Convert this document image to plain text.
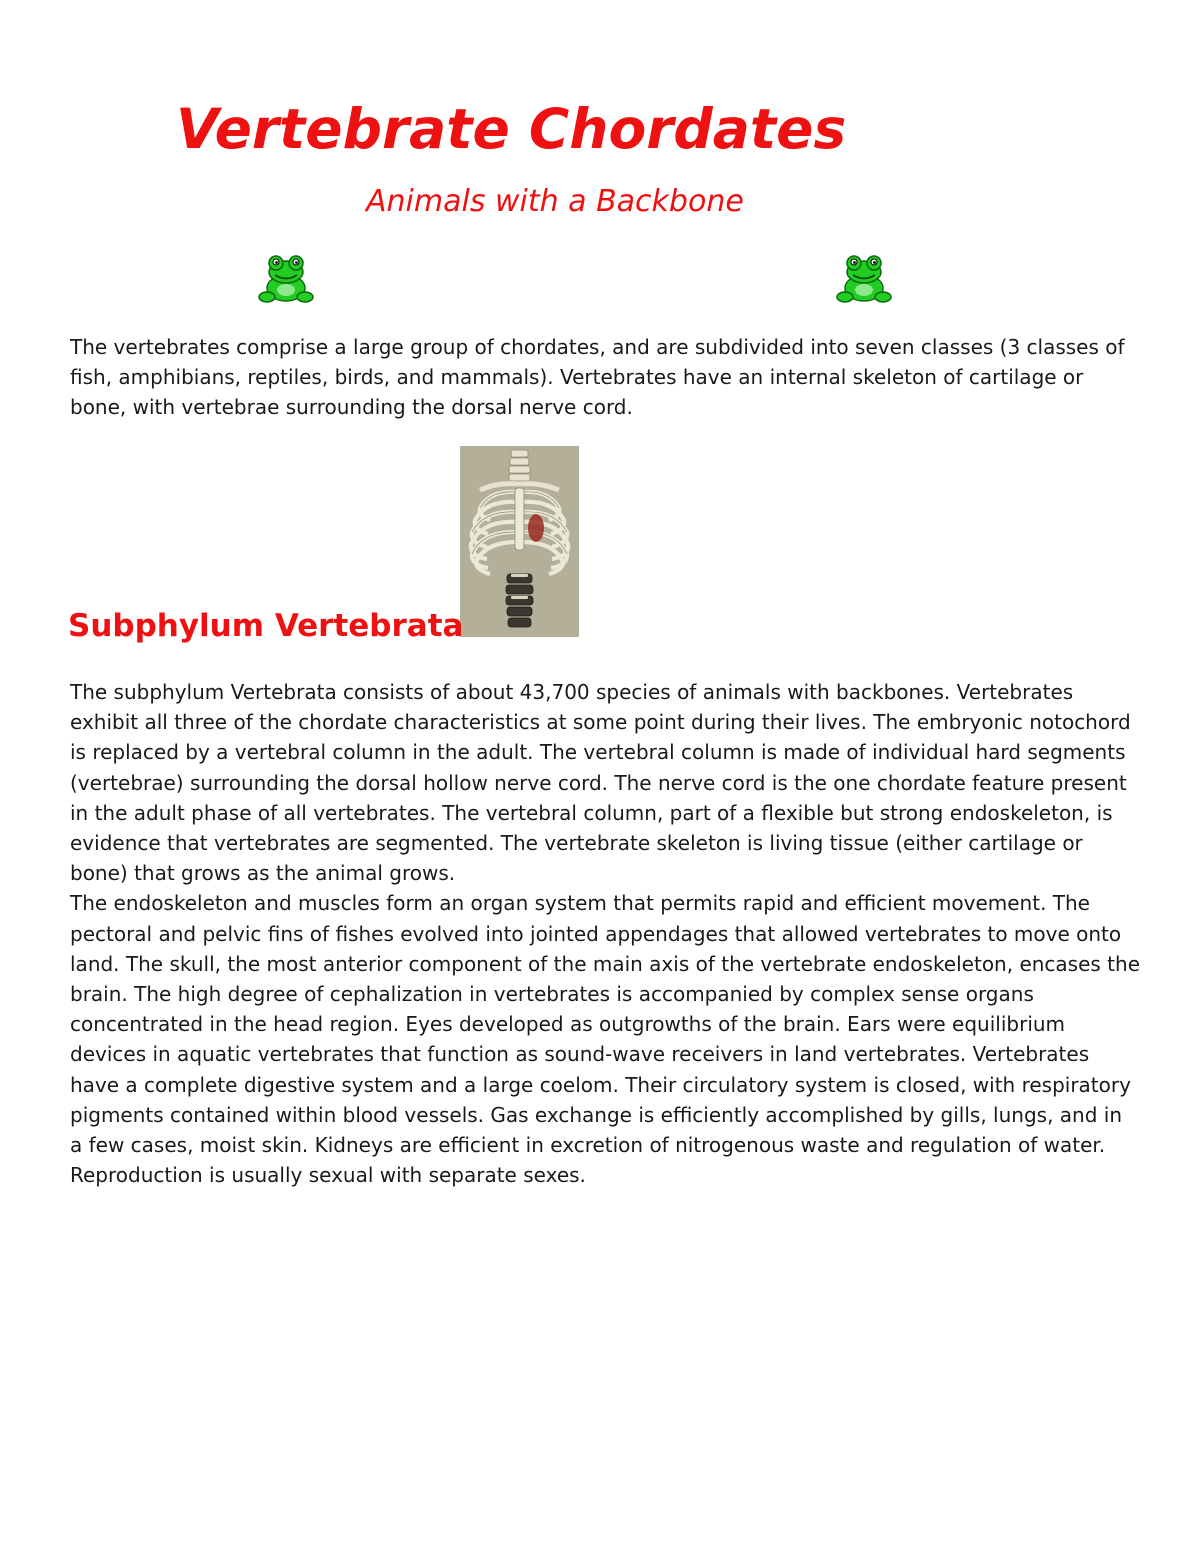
Vertebrate Chordates
Animals with a Backbone

The vertebrates comprise a large group of chordates, and are subdivided into seven classes (3 classes of fish, amphibians, reptiles, birds, and mammals). Vertebrates have an internal skeleton of cartilage or bone, with vertebrae surrounding the dorsal nerve cord.

Subphylum Vertebrata

The subphylum Vertebrata consists of about 43,700 species of animals with backbones. Vertebrates exhibit all three of the chordate characteristics at some point during their lives. The embryonic notochord is replaced by a vertebral column in the adult. The vertebral column is made of individual hard segments (vertebrae) surrounding the dorsal hollow nerve cord. The nerve cord is the one chordate feature present in the adult phase of all vertebrates. The vertebral column, part of a flexible but strong endoskeleton, is evidence that vertebrates are segmented. The vertebrate skeleton is living tissue (either cartilage or bone) that grows as the animal grows.

The endoskeleton and muscles form an organ system that permits rapid and efficient movement. The pectoral and pelvic fins of fishes evolved into jointed appendages that allowed vertebrates to move onto land. The skull, the most anterior component of the main axis of the vertebrate endoskeleton, encases the brain. The high degree of cephalization in vertebrates is accompanied by complex sense organs concentrated in the head region. Eyes developed as outgrowths of the brain. Ears were equilibrium devices in aquatic vertebrates that function as sound-wave receivers in land vertebrates. Vertebrates have a complete digestive system and a large coelom. Their circulatory system is closed, with respiratory pigments contained within blood vessels. Gas exchange is efficiently accomplished by gills, lungs, and in a few cases, moist skin. Kidneys are efficient in excretion of nitrogenous waste and regulation of water. Reproduction is usually sexual with separate sexes.
